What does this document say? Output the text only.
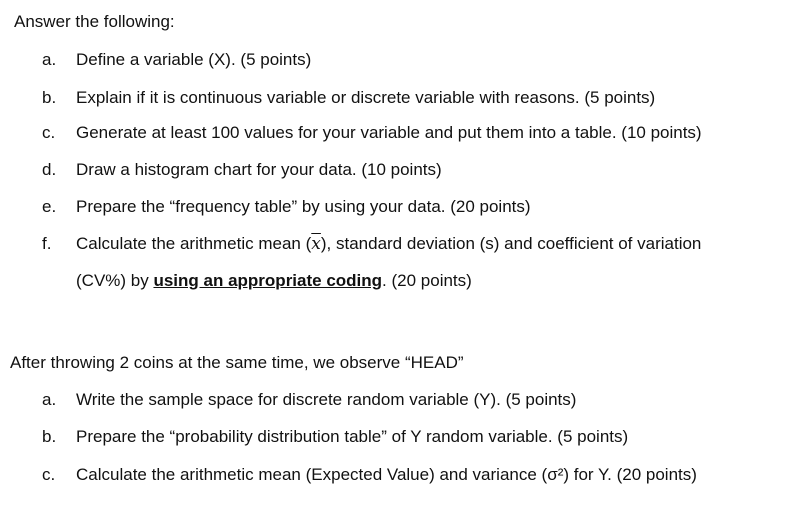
Answer the following:
a. Define a variable (X). (5 points)
b. Explain if it is continuous variable or discrete variable with reasons. (5 points)
c. Generate at least 100 values for your variable and put them into a table. (10 points)
d. Draw a histogram chart for your data. (10 points)
e. Prepare the “frequency table” by using your data. (20 points)
f. Calculate the arithmetic mean $(\overline{x})$, standard deviation (s) and coefficient of variation
(CV%) by using an appropriate coding. (20 points)
After throwing 2 coins at the same time, we observe “HEAD”
a. Write the sample space for discrete random variable (Y). (5 points)
b. Prepare the “probability distribution table” of Y random variable. (5 points)
c. Calculate the arithmetic mean (Expected Value) and variance (σ²) for Y. (20 points)
